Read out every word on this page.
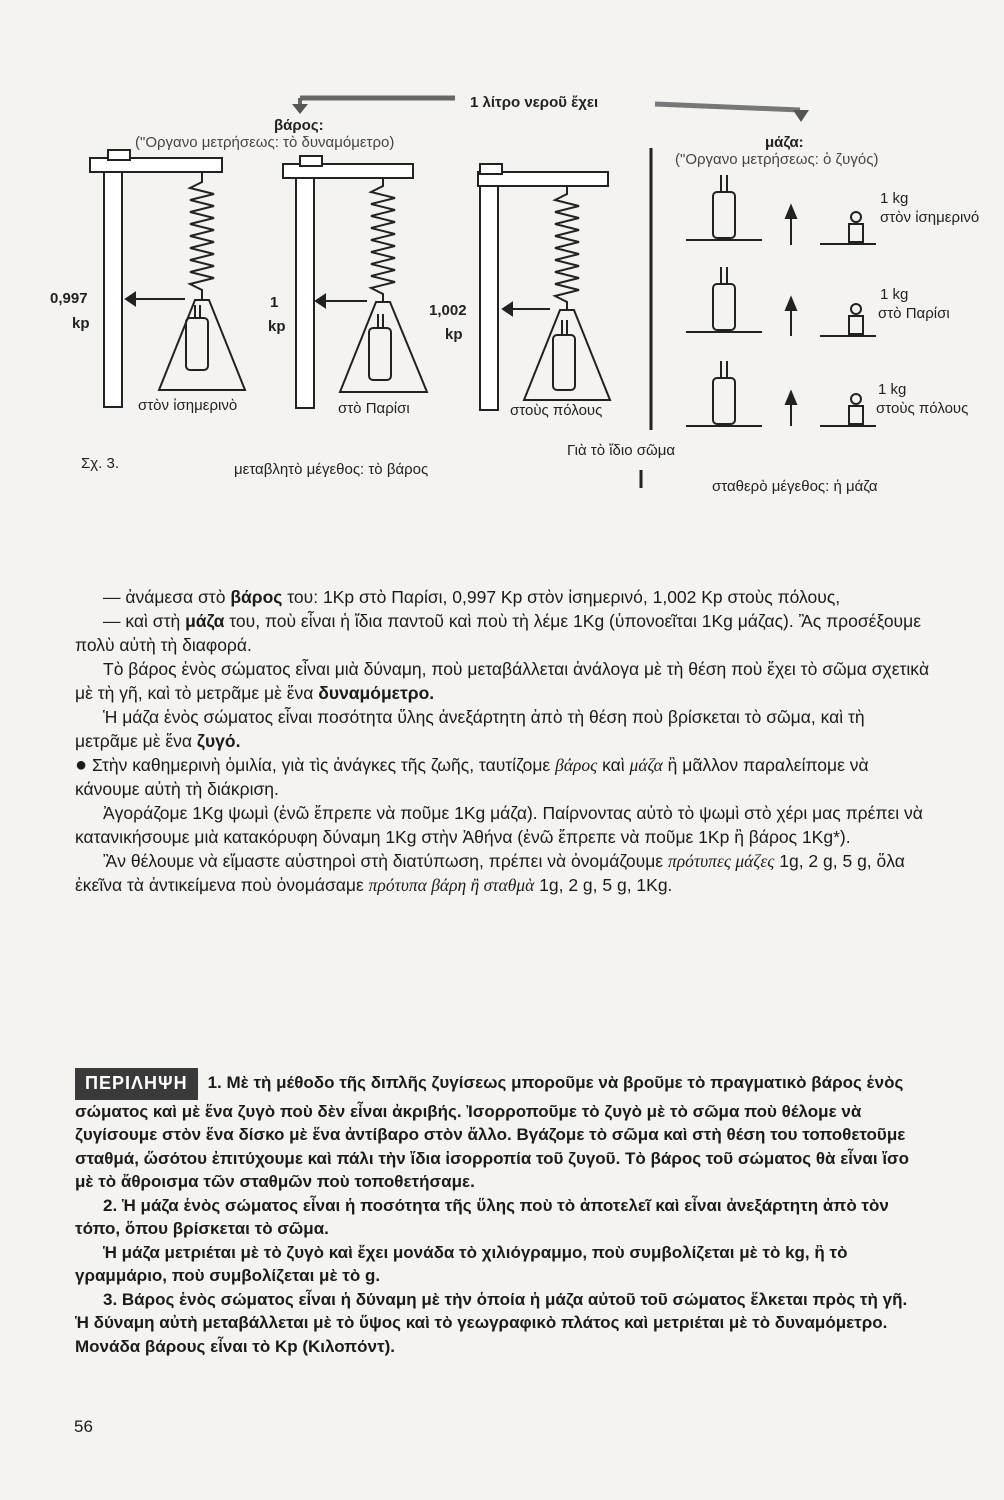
1 λίτρο νεροῦ ἔχει
βάρος:
("Οργανο μετρήσεως: τὸ δυναμόμετρο)	μάζα:
("Οργανο μετρήσεως: ὁ ζυγός)
0,997
kp
στὸν ἰσημερινὸ
1
kp
στὸ Παρίσι
1,002
kp
στοὺς πόλους
1 kg
στὸν ἰσημερινό
1 kg
στὸ Παρίσι
1 kg
στοὺς πόλους
Γιὰ τὸ ἴδιο σῶμα
Σχ. 3.	μεταβλητὸ μέγεθος: τὸ βάρος
σταθερὸ μέγεθος: ἡ μάζα

— ἀνάμεσα στὸ βάρος του: 1Kp στὸ Παρίσι, 0,997 Kp στὸν ἰσημερινό, 1,002 Kp στοὺς πόλους,

— καὶ στὴ μάζα του, ποὺ εἶναι ἡ ἴδια παντοῦ καὶ ποὺ τὴ λέμε 1Kg (ὑπονοεῖται 1Kg μάζας). Ἂς προσέξουμε πολὺ αὐτὴ τὴ διαφορά.

Τὸ βάρος ἑνὸς σώματος εἶναι μιὰ δύναμη, ποὺ μεταβάλλεται ἀνάλογα μὲ τὴ θέση ποὺ ἔχει τὸ σῶμα σχετικὰ μὲ τὴ γῆ, καὶ τὸ μετρᾶμε μὲ ἕνα δυναμόμετρο.

Ἡ μάζα ἑνὸς σώματος εἶναι ποσότητα ὕλης ἀνεξάρτητη ἀπὸ τὴ θέση ποὺ βρίσκεται τὸ σῶμα, καὶ τὴ μετρᾶμε μὲ ἕνα ζυγό.

● Στὴν καθημερινὴ ὁμιλία, γιὰ τὶς ἀνάγκες τῆς ζωῆς, ταυτίζομε βάρος καὶ μάζα ἢ μᾶλλον παραλείπομε νὰ κάνουμε αὐτὴ τὴ διάκριση.

Ἀγοράζομε 1Kg ψωμὶ (ἐνῶ ἔπρεπε νὰ ποῦμε 1Kg μάζα). Παίρνοντας αὐτὸ τὸ ψωμὶ στὸ χέρι μας πρέπει νὰ κατανικήσουμε μιὰ κατακόρυφη δύναμη 1Kg στὴν Ἀθήνα (ἐνῶ ἔπρεπε νὰ ποῦμε 1Kp ἢ βάρος 1Kg*).

Ἂν θέλουμε νὰ εἴμαστε αὐστηροὶ στὴ διατύπωση, πρέπει νὰ ὀνομάζουμε πρότυπες μάζες 1g, 2 g, 5 g, ὅλα ἐκεῖνα τὰ ἀντικείμενα ποὺ ὀνομάσαμε πρότυπα βάρη ἢ σταθμὰ 1g, 2 g, 5 g, 1Kg.

ΠΕΡΙΛΗΨΗ 1. Μὲ τὴ μέθοδο τῆς διπλῆς ζυγίσεως μποροῦμε νὰ βροῦμε τὸ πραγματικὸ βάρος ἑνὸς σώματος καὶ μὲ ἕνα ζυγὸ ποὺ δὲν εἶναι ἀκριβής. Ἰσορροποῦμε τὸ ζυγὸ μὲ τὸ σῶμα ποὺ θέλομε νὰ ζυγίσουμε στὸν ἕνα δίσκο μὲ ἕνα ἀντίβαρο στὸν ἄλλο. Βγάζομε τὸ σῶμα καὶ στὴ θέση του τοποθετοῦμε σταθμά, ὥσότου ἐπιτύχουμε καὶ πάλι τὴν ἴδια ἰσορροπία τοῦ ζυγοῦ. Τὸ βάρος τοῦ σώματος θὰ εἶναι ἴσο μὲ τὸ ἄθροισμα τῶν σταθμῶν ποὺ τοποθετήσαμε.

2. Ἡ μάζα ἑνὸς σώματος εἶναι ἡ ποσότητα τῆς ὕλης ποὺ τὸ ἀποτελεῖ καὶ εἶναι ἀνεξάρτητη ἀπὸ τὸν τόπο, ὅπου βρίσκεται τὸ σῶμα.

Ἡ μάζα μετριέται μὲ τὸ ζυγὸ καὶ ἔχει μονάδα τὸ χιλιόγραμμο, ποὺ συμβολίζεται μὲ τὸ kg, ἢ τὸ γραμμάριο, ποὺ συμβολίζεται μὲ τὸ g.

3. Βάρος ἑνὸς σώματος εἶναι ἡ δύναμη μὲ τὴν ὁποία ἡ μάζα αὐτοῦ τοῦ σώματος ἕλκεται πρὸς τὴ γῆ. Ἡ δύναμη αὐτὴ μεταβάλλεται μὲ τὸ ὕψος καὶ τὸ γεωγραφικὸ πλάτος καὶ μετριέται μὲ τὸ δυναμόμετρο. Μονάδα βάρους εἶναι τὸ Kp (Κιλοπόντ).

56
